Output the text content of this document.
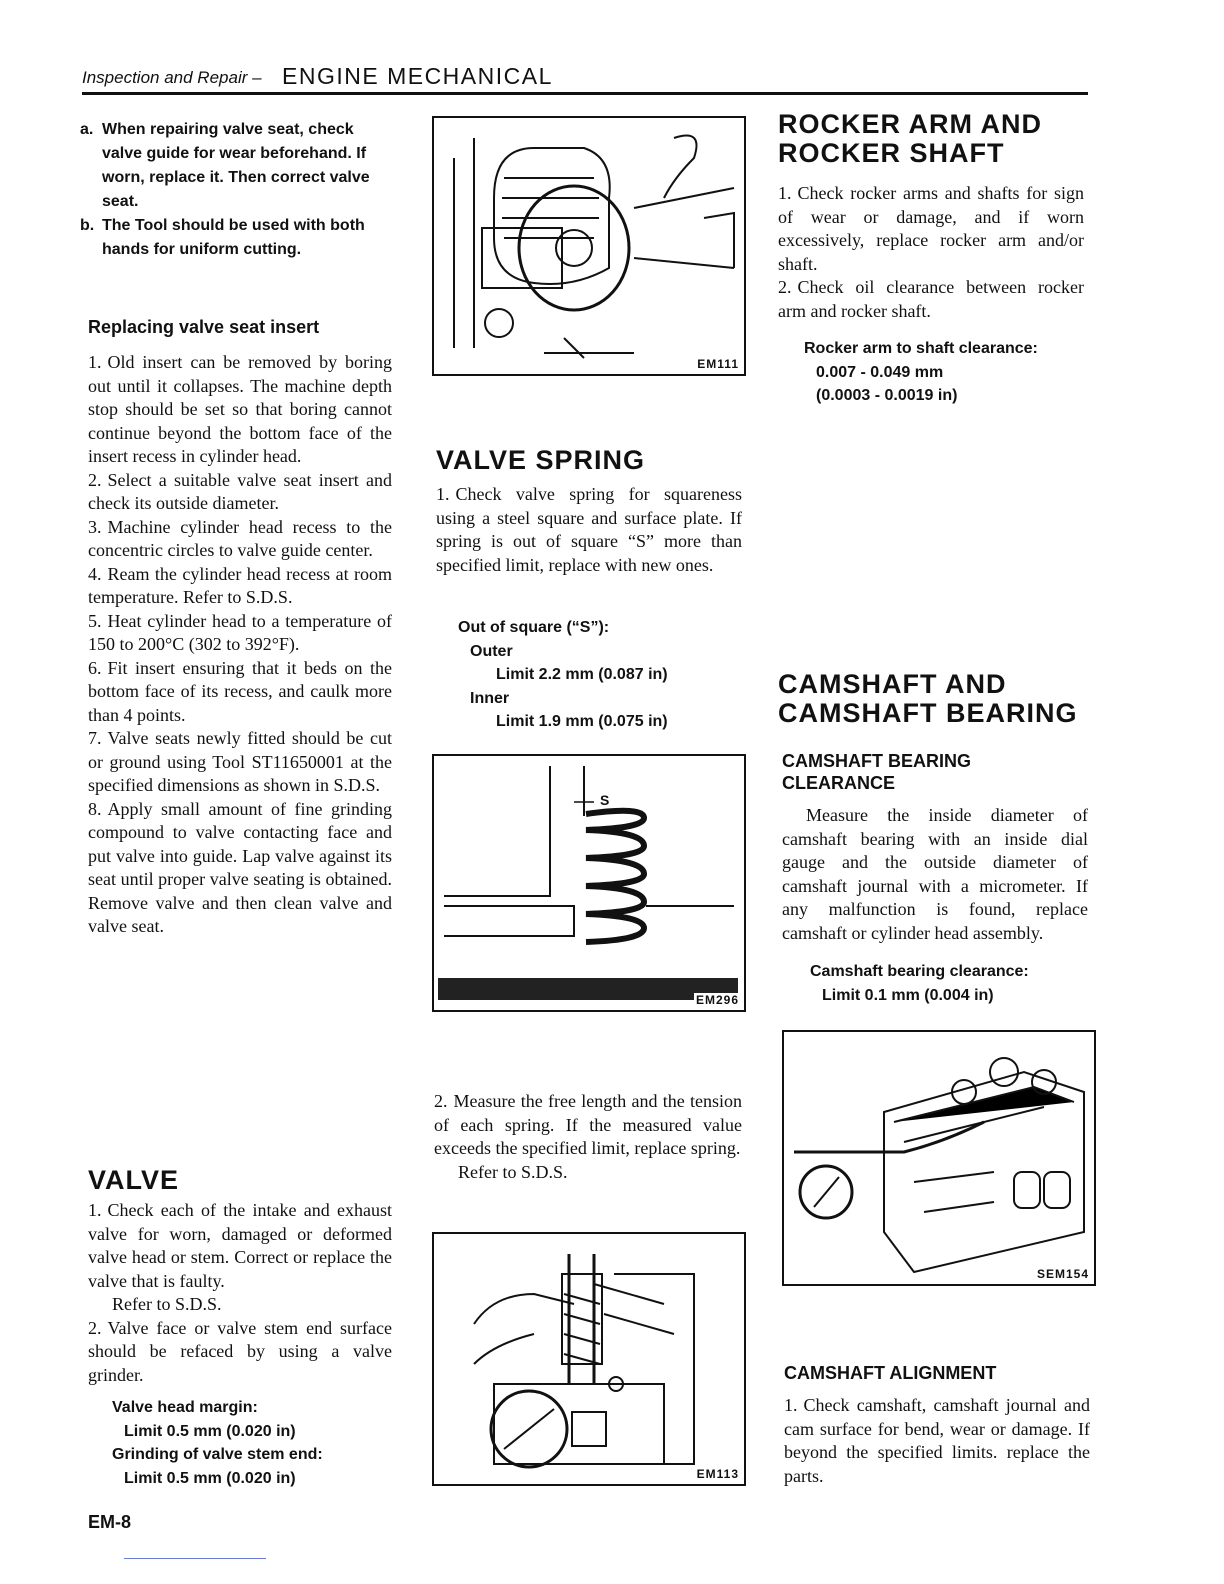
Inspection and Repair – ENGINE MECHANICAL
a. When repairing valve seat, check valve guide for wear beforehand. If worn, replace it. Then correct valve seat.
b. The Tool should be used with both hands for uniform cutting.
Replacing valve seat insert

1. Old insert can be removed by boring out until it collapses. The machine depth stop should be set so that boring cannot continue beyond the bottom face of the insert recess in cylinder head.

2. Select a suitable valve seat insert and check its outside diameter.

3. Machine cylinder head recess to the concentric circles to valve guide center.

4. Ream the cylinder head recess at room temperature. Refer to S.D.S.

5. Heat cylinder head to a temperature of 150 to 200°C (302 to 392°F).

6. Fit insert ensuring that it beds on the bottom face of its recess, and caulk more than 4 points.

7. Valve seats newly fitted should be cut or ground using Tool ST11650001 at the specified dimensions as shown in S.D.S.

8. Apply small amount of fine grinding compound to valve contacting face and put valve into guide. Lap valve against its seat until proper valve seating is obtained. Remove valve and then clean valve and valve seat.

VALVE

1. Check each of the intake and exhaust valve for worn, damaged or deformed valve head or stem. Correct or replace the valve that is faulty.

Refer to S.D.S.

2. Valve face or valve stem end surface should be refaced by using a valve grinder.

Valve head margin:
Limit 0.5 mm (0.020 in)
Grinding of valve stem end:
Limit 0.5 mm (0.020 in)
EM-8
EM111
VALVE SPRING

1. Check valve spring for squareness using a steel square and surface plate. If spring is out of square “S” more than specified limit, replace with new ones.

Out of square (“S”):
Outer
Limit 2.2 mm (0.087 in)
Inner
Limit 1.9 mm (0.075 in)
S
EM296

2. Measure the free length and the tension of each spring. If the measured value exceeds the specified limit, replace spring.

Refer to S.D.S.

EM113
ROCKER ARM AND
ROCKER SHAFT

1. Check rocker arms and shafts for sign of wear or damage, and if worn excessively, replace rocker arm and/or shaft.

2. Check oil clearance between rocker arm and rocker shaft.

Rocker arm to shaft clearance:
0.007 - 0.049 mm
(0.0003 - 0.0019 in)
CAMSHAFT AND
CAMSHAFT BEARING
CAMSHAFT BEARING
CLEARANCE

Measure the inside diameter of camshaft bearing with an inside dial gauge and the outside diameter of camshaft journal with a micrometer. If any malfunction is found, replace camshaft or cylinder head assembly.

Camshaft bearing clearance:
Limit 0.1 mm (0.004 in)
SEM154
CAMSHAFT ALIGNMENT

1. Check camshaft, camshaft journal and cam surface for bend, wear or damage. If beyond the specified limits. replace the parts.
